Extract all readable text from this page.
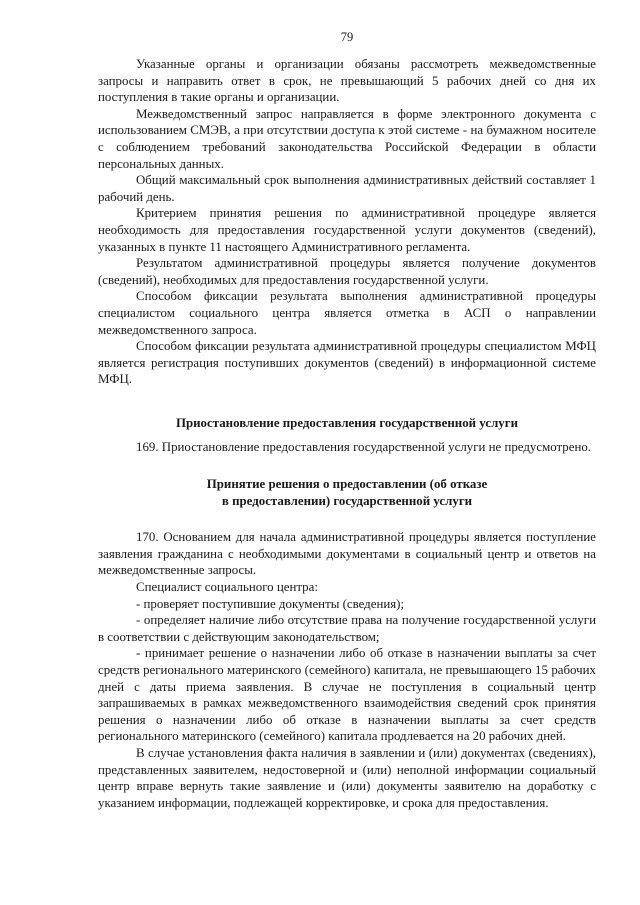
79

Указанные органы и организации обязаны рассмотреть межведомственные запросы и направить ответ в срок, не превышающий 5 рабочих дней со дня их поступления в такие органы и организации.

Межведомственный запрос направляется в форме электронного документа с использованием СМЭВ, а при отсутствии доступа к этой системе - на бумажном носителе с соблюдением требований законодательства Российской Федерации в области персональных данных.

Общий максимальный срок выполнения административных действий составляет 1 рабочий день.

Критерием принятия решения по административной процедуре является необходимость для предоставления государственной услуги документов (сведений), указанных в пункте 11 настоящего Административного регламента.

Результатом административной процедуры является получение документов (сведений), необходимых для предоставления государственной услуги.

Способом фиксации результата выполнения административной процедуры специалистом социального центра является отметка в АСП о направлении межведомственного запроса.

Способом фиксации результата административной процедуры специалистом МФЦ является регистрация поступивших документов (сведений) в информационной системе МФЦ.

Приостановление предоставления государственной услуги

169. Приостановление предоставления государственной услуги не предусмотрено.

Принятие решения о предоставлении (об отказе
в предоставлении) государственной услуги

170. Основанием для начала административной процедуры является поступление заявления гражданина с необходимыми документами в социальный центр и ответов на межведомственные запросы.

Специалист социального центра:

- проверяет поступившие документы (сведения);

- определяет наличие либо отсутствие права на получение государственной услуги в соответствии с действующим законодательством;

- принимает решение о назначении либо об отказе в назначении выплаты за счет средств регионального материнского (семейного) капитала, не превышающего 15 рабочих дней с даты приема заявления. В случае не поступления в социальный центр запрашиваемых в рамках межведомственного взаимодействия сведений срок принятия решения о назначении либо об отказе в назначении выплаты за счет средств регионального материнского (семейного) капитала продлевается на 20 рабочих дней.

В случае установления факта наличия в заявлении и (или) документах (сведениях), представленных заявителем, недостоверной и (или) неполной информации социальный центр вправе вернуть такие заявление и (или) документы заявителю на доработку с указанием информации, подлежащей корректировке, и срока для предоставления.
